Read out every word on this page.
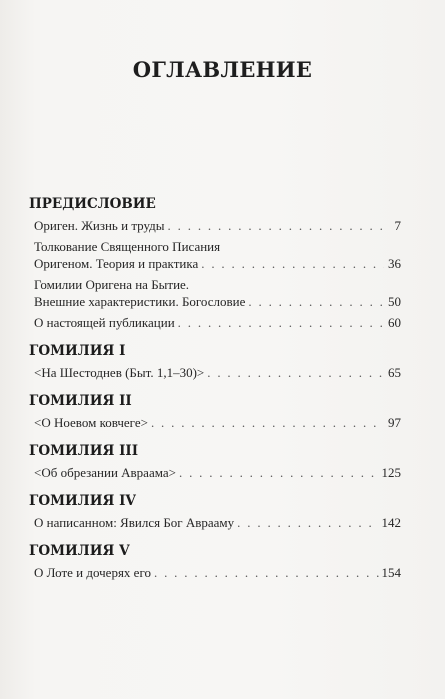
ОГЛАВЛЕНИЕ
ПРЕДИСЛОВИЕ
Ориген. Жизнь и труды . . .	7
Толкование Священного Писания
Оригеном. Теория и практика . . .	36
Гомилии Оригена на Бытие.
Внешние характеристики. Богословие . . .	50
О настоящей публикации . . .	60
ГОМИЛИЯ I
<На Шестоднев (Быт. 1,1–30)> . . .	65
ГОМИЛИЯ II
<О Ноевом ковчеге> . . .	97
ГОМИЛИЯ III
<Об обрезании Авраама> . . .	125
ГОМИЛИЯ IV
О написанном: Явился Бог Аврааму . . .	142
ГОМИЛИЯ V
О Лоте и дочерях его . . .	154
